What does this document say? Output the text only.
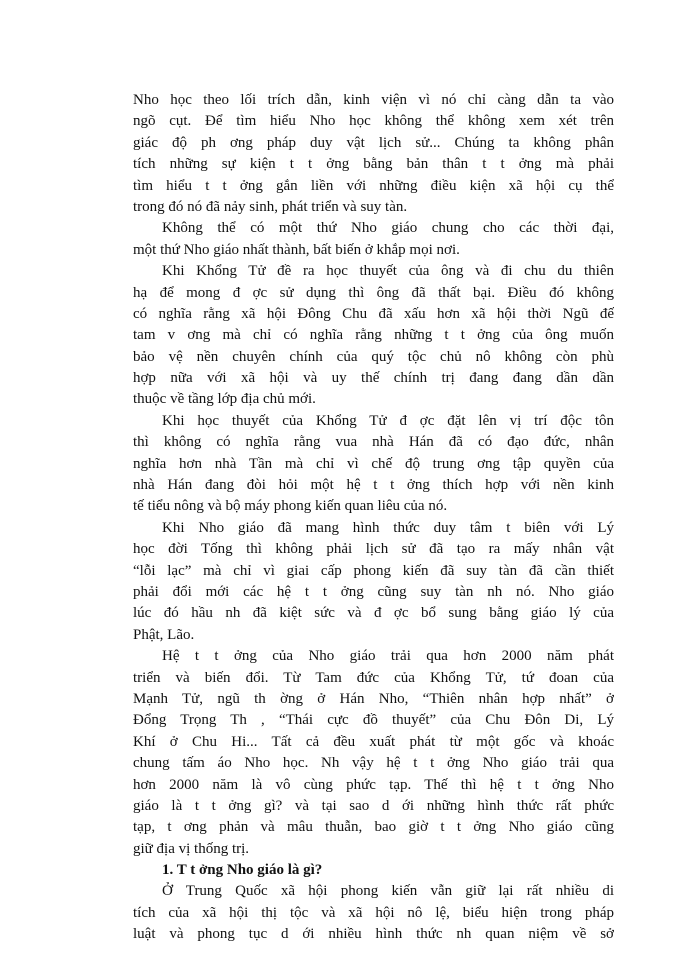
Nho học theo lối trích dẫn, kinh viện vì nó chỉ càng dẫn ta vào
ngõ cụt. Để tìm hiểu Nho học không thể không xem xét trên
giác độ ph ơng pháp duy vật lịch sử... Chúng ta không phân
tích những sự kiện t t ởng bằng bản thân t t ởng mà phải
tìm hiểu t t ởng gắn liền với những điều kiện xã hội cụ thể
trong đó nó đã nảy sinh, phát triển và suy tàn.
Không thể có một thứ Nho giáo chung cho các thời đại,
một thứ Nho giáo nhất thành, bất biến ở khắp mọi nơi.
Khi Khổng Tử đề ra học thuyết của ông và đi chu du thiên
hạ để mong đ ợc sử dụng thì ông đã thất bại. Điều đó không
có nghĩa rằng xã hội Đông Chu đã xấu hơn xã hội thời Ngũ đế
tam v ơng mà chỉ có nghĩa rằng những t t ởng của ông muốn
bảo vệ nền chuyên chính của quý tộc chủ nô không còn phù
hợp nữa với xã hội và uy thế chính trị đang đang dần dần
thuộc về tầng lớp địa chủ mới.
Khi học thuyết của Khổng Tử đ ợc đặt lên vị trí độc tôn
thì không có nghĩa rằng vua nhà Hán đã có đạo đức, nhân
nghĩa hơn nhà Tần mà chỉ vì chế độ trung ơng tập quyền của
nhà Hán đang đòi hỏi một hệ t t ởng thích hợp với nền kinh
tế tiểu nông và bộ máy phong kiến quan liêu của nó.
Khi Nho giáo đã mang hình thức duy tâm t biên với Lý
học đời Tống thì không phải lịch sử đã tạo ra mấy nhân vật
“lỗi lạc” mà chỉ vì giai cấp phong kiến đã suy tàn đã cần thiết
phải đổi mới các hệ t t ởng cũng suy tàn nh nó. Nho giáo
lúc đó hầu nh đã kiệt sức và đ ợc bổ sung bằng giáo lý của
Phật, Lão.
Hệ t t ởng của Nho giáo trải qua hơn 2000 năm phát
triển và biến đổi. Từ Tam đức của Khổng Tử, tứ đoan của
Mạnh Tử, ngũ th ờng ở Hán Nho, “Thiên nhân hợp nhất” ở
Đổng Trọng Th , “Thái cực đồ thuyết” của Chu Đôn Di, Lý
Khí ở Chu Hi... Tất cả đều xuất phát từ một gốc và khoác
chung tấm áo Nho học. Nh vậy hệ t t ởng Nho giáo trải qua
hơn 2000 năm là vô cùng phức tạp. Thế thì hệ t t ởng Nho
giáo là t t ởng gì? và tại sao d ới những hình thức rất phức
tạp, t ơng phản và mâu thuẫn, bao giờ t t ởng Nho giáo cũng
giữ địa vị thống trị.
1. T t ởng Nho giáo là gì?
Ở Trung Quốc xã hội phong kiến vẫn giữ lại rất nhiều di
tích của xã hội thị tộc và xã hội nô lệ, biểu hiện trong pháp
luật và phong tục d ới nhiều hình thức nh quan niệm về sở
